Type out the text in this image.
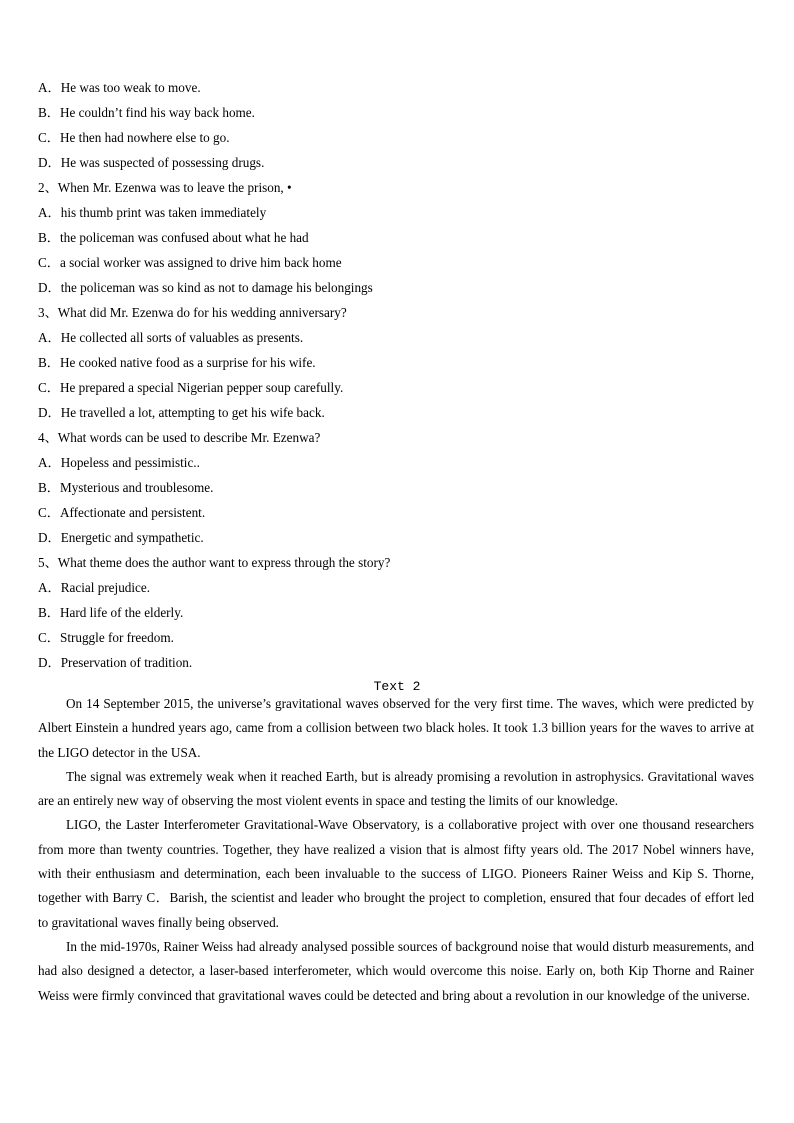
A．He was too weak to move.
B．He couldn’t find his way back home.
C．He then had nowhere else to go.
D．He was suspected of possessing drugs.
2、When Mr. Ezenwa was to leave the prison, •
A．his thumb print was taken immediately
B．the policeman was confused about what he had
C．a social worker was assigned to drive him back home
D．the policeman was so kind as not to damage his belongings
3、What did Mr. Ezenwa do for his wedding anniversary?
A．He collected all sorts of valuables as presents.
B．He cooked native food as a surprise for his wife.
C．He prepared a special Nigerian pepper soup carefully.
D．He travelled a lot, attempting to get his wife back.
4、What words can be used to describe Mr. Ezenwa?
A．Hopeless and pessimistic..
B．Mysterious and troublesome.
C．Affectionate and persistent.
D．Energetic and sympathetic.
5、What theme does the author want to express through the story?
A．Racial prejudice.
B．Hard life of the elderly.
C．Struggle for freedom.
D．Preservation of tradition.
Text 2

On 14 September 2015, the universe’s gravitational waves observed for the very first time. The waves, which were predicted by Albert Einstein a hundred years ago, came from a collision between two black holes. It took 1.3 billion years for the waves to arrive at the LIGO detector in the USA.

The signal was extremely weak when it reached Earth, but is already promising a revolution in astrophysics. Gravitational waves are an entirely new way of observing the most violent events in space and testing the limits of our knowledge.

LIGO, the Laster Interferometer Gravitational-Wave Observatory, is a collaborative project with over one thousand researchers from more than twenty countries. Together, they have realized a vision that is almost fifty years old. The 2017 Nobel winners have, with their enthusiasm and determination, each been invaluable to the success of LIGO. Pioneers Rainer Weiss and Kip S. Thorne, together with Barry C．Barish, the scientist and leader who brought the project to completion, ensured that four decades of effort led to gravitational waves finally being observed.

In the mid-1970s, Rainer Weiss had already analysed possible sources of background noise that would disturb measurements, and had also designed a detector, a laser-based interferometer, which would overcome this noise. Early on, both Kip Thorne and Rainer Weiss were firmly convinced that gravitational waves could be detected and bring about a revolution in our knowledge of the universe.
